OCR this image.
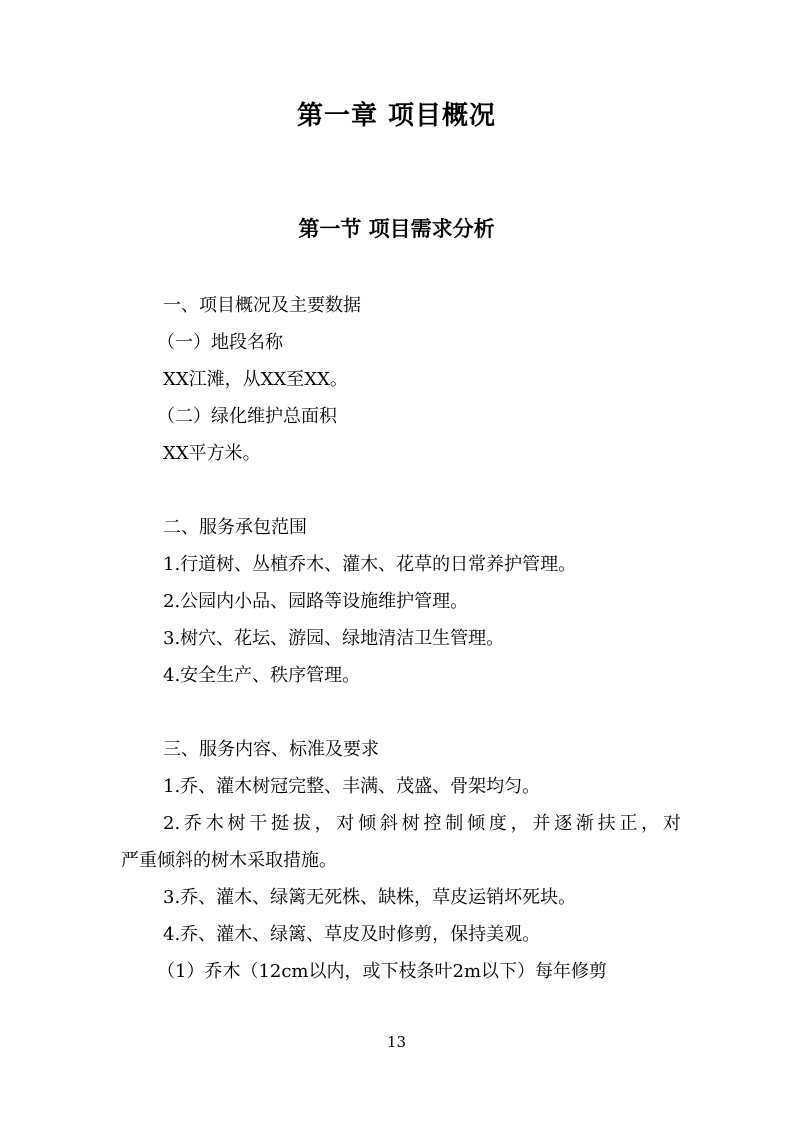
第一章 项目概况
第一节 项目需求分析
一、项目概况及主要数据
（一）地段名称
XX江滩，从XX至XX。
（二）绿化维护总面积
XX平方米。
二、服务承包范围
1.行道树、丛植乔木、灌木、花草的日常养护管理。
2.公园内小品、园路等设施维护管理。
3.树穴、花坛、游园、绿地清洁卫生管理。
4.安全生产、秩序管理。
三、服务内容、标准及要求
1.乔、灌木树冠完整、丰满、茂盛、骨架均匀。
2.乔木树干挺拔，对倾斜树控制倾度，并逐渐扶正，对
严重倾斜的树木采取措施。
3.乔、灌木、绿篱无死株、缺株，草皮运销坏死块。
4.乔、灌木、绿篱、草皮及时修剪，保持美观。
（1）乔木（12cm以内，或下枝条叶2m以下）每年修剪
13
